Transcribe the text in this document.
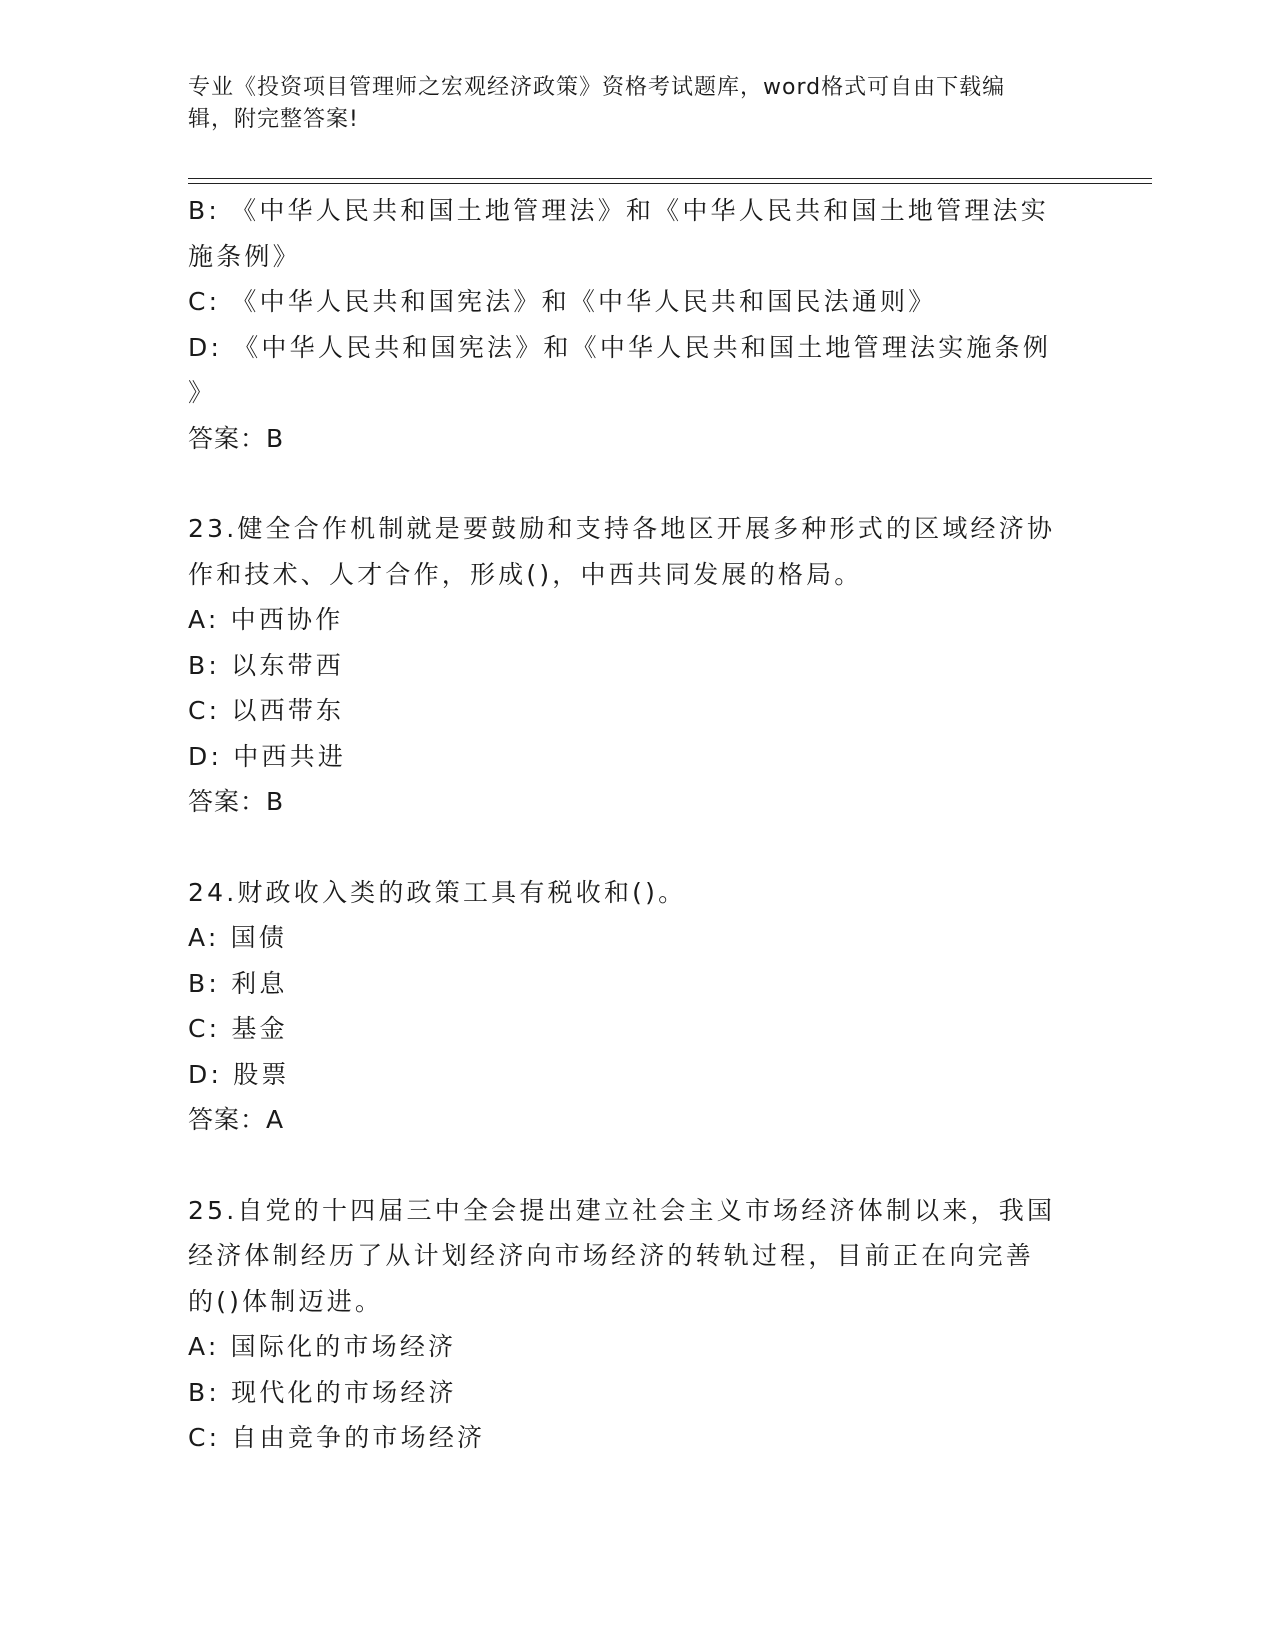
专业《投资项目管理师之宏观经济政策》资格考试题库，word格式可自由下载编
辑，附完整答案!
B: 《中华人民共和国土地管理法》和《中华人民共和国土地管理法实
施条例》
C: 《中华人民共和国宪法》和《中华人民共和国民法通则》
D: 《中华人民共和国宪法》和《中华人民共和国土地管理法实施条例
》
答案：B
23.健全合作机制就是要鼓励和支持各地区开展多种形式的区域经济协
作和技术、人才合作，形成()，中西共同发展的格局。
A: 中西协作
B: 以东带西
C: 以西带东
D: 中西共进
答案：B
24.财政收入类的政策工具有税收和()。
A: 国债
B: 利息
C: 基金
D: 股票
答案：A
25.自党的十四届三中全会提出建立社会主义市场经济体制以来，我国
经济体制经历了从计划经济向市场经济的转轨过程，目前正在向完善
的()体制迈进。
A: 国际化的市场经济
B: 现代化的市场经济
C: 自由竞争的市场经济
